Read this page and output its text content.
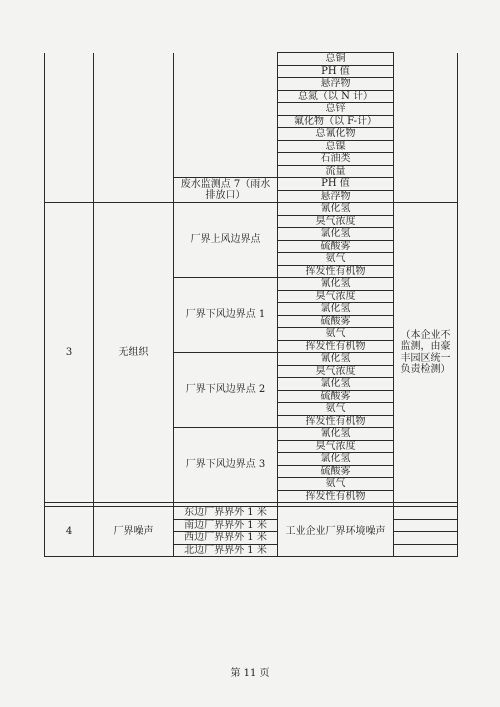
			总铜	
			PH 值	
			悬浮物	
			总氮（以 N 计）	
			总锌	
			氟化物（以 F-计）	
			总氰化物	
			总镍	
			石油类	
			流量	
		废水监测点 7（雨水排放口）	PH 值	
			悬浮物	
3	无组织	厂界上风边界点	氰化氢	（本企业不监测，由豪丰园区统一负责检测）
			臭气浓度	
			氯化氢	
			硫酸雾	
			氨气	
			挥发性有机物	
		厂界下风边界点 1	氰化氢	
			臭气浓度	
			氯化氢	
			硫酸雾	
			氨气	
			挥发性有机物	
		厂界下风边界点 2	氰化氢	
			臭气浓度	
			氯化氢	
			硫酸雾	
			氨气	
			挥发性有机物	
		厂界下风边界点 3	氰化氢	
			臭气浓度	
			氯化氢	
			硫酸雾	
			氨气	
			挥发性有机物	

4	厂界噪声	东边厂界界外 1 米	工业企业厂界环境噪声	
		南边厂界界外 1 米		
		西边厂界界外 1 米		
		北边厂界界外 1 米		
第 11 页
